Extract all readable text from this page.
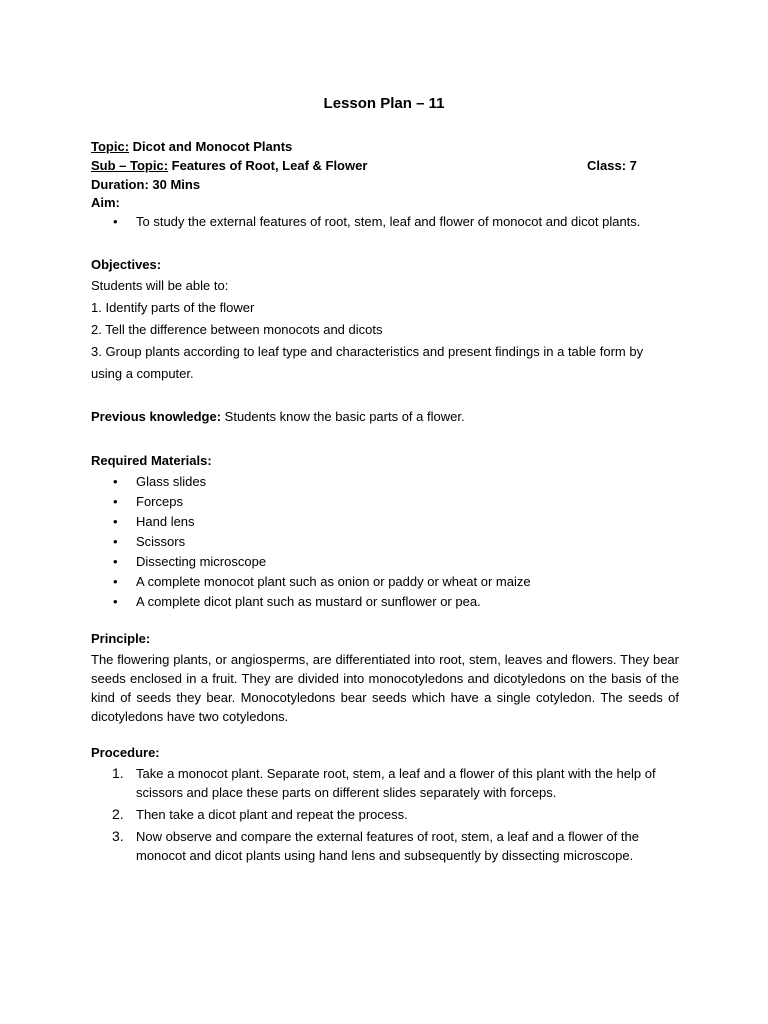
Lesson Plan – 11
Topic: Dicot and Monocot Plants
Sub – Topic: Features of Root, Leaf & Flower	Class: 7
Duration: 30 Mins
Aim:
• To study the external features of root, stem, leaf and flower of monocot and dicot plants.
Objectives:
Students will be able to:
1. Identify parts of the flower
2. Tell the difference between monocots and dicots
3. Group plants according to leaf type and characteristics and present findings in a table form by
using a computer.
Previous knowledge: Students know the basic parts of a flower.
Required Materials:
• Glass slides
• Forceps
• Hand lens
• Scissors
• Dissecting microscope
• A complete monocot plant such as onion or paddy or wheat or maize
• A complete dicot plant such as mustard or sunflower or pea.
Principle:
The flowering plants, or angiosperms, are differentiated into root, stem, leaves and flowers. They bear seeds enclosed in a fruit. They are divided into monocotyledons and dicotyledons on the basis of the kind of seeds they bear. Monocotyledons bear seeds which have a single cotyledon. The seeds of dicotyledons have two cotyledons.
Procedure:
1. Take a monocot plant. Separate root, stem, a leaf and a flower of this plant with the help of scissors and place these parts on different slides separately with forceps.
2. Then take a dicot plant and repeat the process.
3. Now observe and compare the external features of root, stem, a leaf and a flower of the monocot and dicot plants using hand lens and subsequently by dissecting microscope.
